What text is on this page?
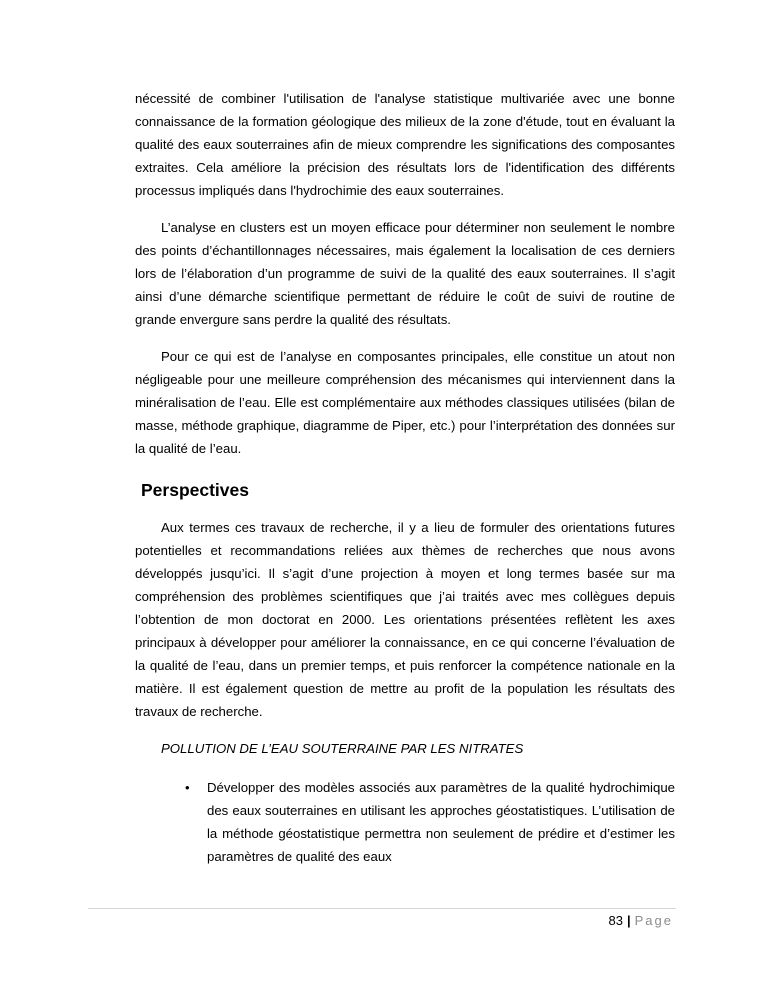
nécessité de combiner l'utilisation de l'analyse statistique multivariée avec une bonne connaissance de la formation géologique des milieux de la zone d'étude, tout en évaluant la qualité des eaux souterraines afin de mieux comprendre les significations des composantes extraites. Cela améliore la précision des résultats lors de l'identification des différents processus impliqués dans l'hydrochimie des eaux souterraines.

L’analyse en clusters est un moyen efficace pour déterminer non seulement le nombre des points d’échantillonnages nécessaires, mais également la localisation de ces derniers lors de l’élaboration d’un programme de suivi de la qualité des eaux souterraines. Il s’agit ainsi d’une démarche scientifique permettant de réduire le coût de suivi de routine de grande envergure sans perdre la qualité des résultats.

Pour ce qui est de l’analyse en composantes principales, elle constitue un atout non négligeable pour une meilleure compréhension des mécanismes qui interviennent dans la minéralisation de l’eau. Elle est complémentaire aux méthodes classiques utilisées (bilan de masse, méthode graphique, diagramme de Piper, etc.) pour l’interprétation des données sur la qualité de l’eau.

Perspectives

Aux termes ces travaux de recherche, il y a lieu de formuler des orientations futures potentielles et recommandations reliées aux thèmes de recherches que nous avons développés jusqu’ici. Il s’agit d’une projection à moyen et long termes basée sur ma compréhension des problèmes scientifiques que j’ai traités avec mes collègues depuis l’obtention de mon doctorat en 2000. Les orientations présentées reflètent les axes principaux à développer pour améliorer la connaissance, en ce qui concerne l’évaluation de la qualité de l’eau, dans un premier temps, et puis renforcer la compétence nationale en la matière. Il est également question de mettre au profit de la population les résultats des travaux de recherche.

POLLUTION DE L’EAU SOUTERRAINE PAR LES NITRATES
• Développer des modèles associés aux paramètres de la qualité hydrochimique des eaux souterraines en utilisant les approches géostatistiques. L’utilisation de la méthode géostatistique permettra non seulement de prédire et d’estimer les paramètres de qualité des eaux
83 | Page
